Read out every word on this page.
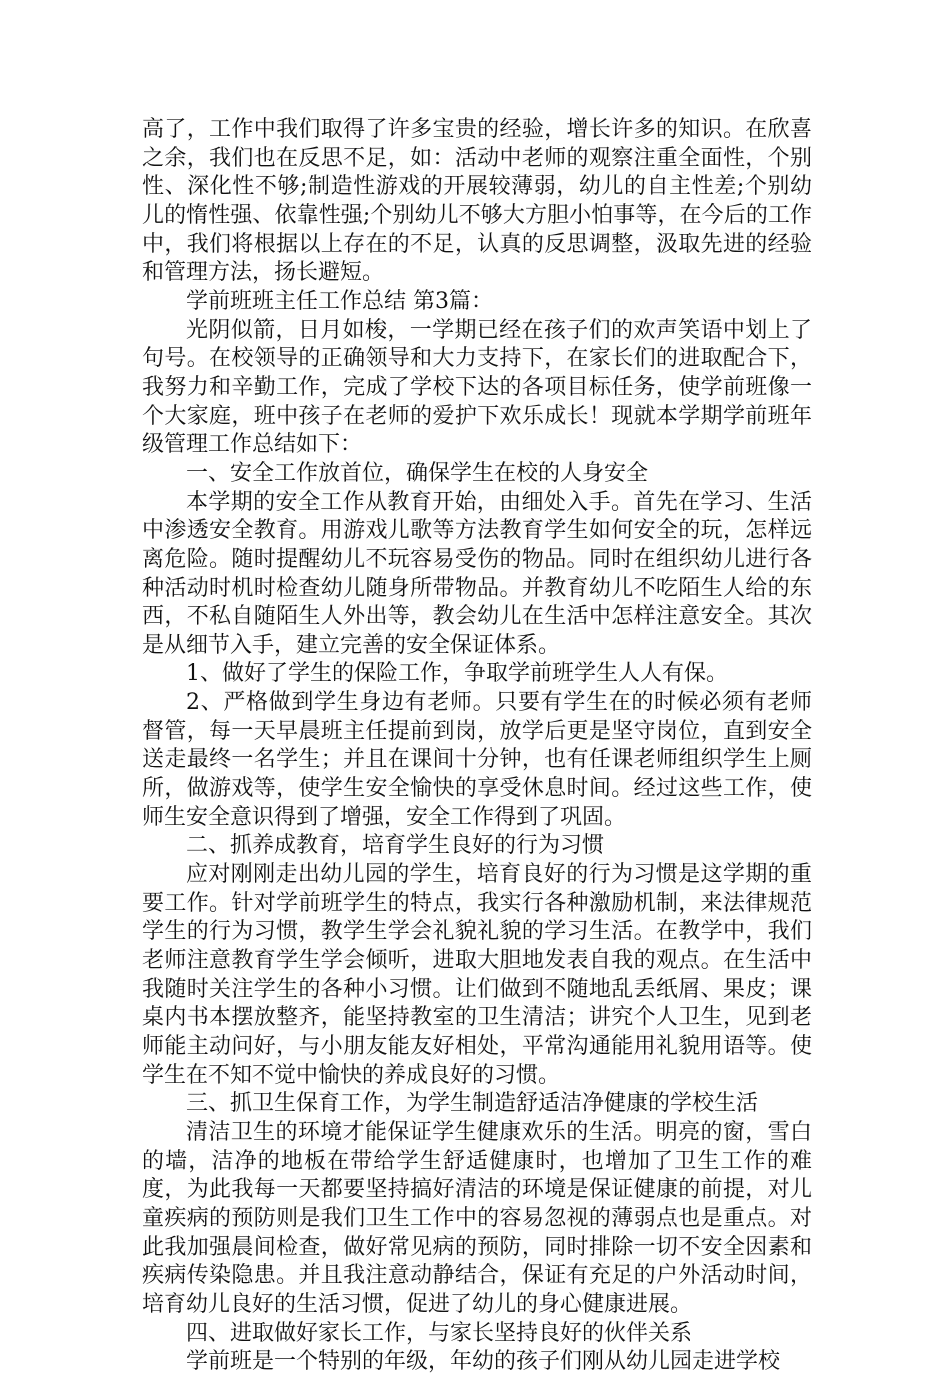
高了，工作中我们取得了许多宝贵的经验，增长许多的知识。在欣喜之余，我们也在反思不足，如：活动中老师的观察注重全面性，个别性、深化性不够;制造性游戏的开展较薄弱，幼儿的自主性差;个别幼儿的惰性强、依靠性强;个别幼儿不够大方胆小怕事等，在今后的工作中，我们将根据以上存在的不足，认真的反思调整，汲取先进的经验和管理方法，扬长避短。

学前班班主任工作总结 第3篇：

光阴似箭，日月如梭，一学期已经在孩子们的欢声笑语中划上了句号。在校领导的正确领导和大力支持下，在家长们的进取配合下，我努力和辛勤工作，完成了学校下达的各项目标任务，使学前班像一个大家庭，班中孩子在老师的爱护下欢乐成长！现就本学期学前班年级管理工作总结如下：

一、安全工作放首位，确保学生在校的人身安全

本学期的安全工作从教育开始，由细处入手。首先在学习、生活中渗透安全教育。用游戏儿歌等方法教育学生如何安全的玩，怎样远离危险。随时提醒幼儿不玩容易受伤的物品。同时在组织幼儿进行各种活动时机时检查幼儿随身所带物品。并教育幼儿不吃陌生人给的东西，不私自随陌生人外出等，教会幼儿在生活中怎样注意安全。其次是从细节入手，建立完善的安全保证体系。

1、做好了学生的保险工作，争取学前班学生人人有保。

2、严格做到学生身边有老师。只要有学生在的时候必须有老师督管，每一天早晨班主任提前到岗，放学后更是坚守岗位，直到安全送走最终一名学生；并且在课间十分钟，也有任课老师组织学生上厕所，做游戏等，使学生安全愉快的享受休息时间。经过这些工作，使师生安全意识得到了增强，安全工作得到了巩固。

二、抓养成教育，培育学生良好的行为习惯

应对刚刚走出幼儿园的学生，培育良好的行为习惯是这学期的重要工作。针对学前班学生的特点，我实行各种激励机制，来法律规范学生的行为习惯，教学生学会礼貌礼貌的学习生活。在教学中，我们老师注意教育学生学会倾听，进取大胆地发表自我的观点。在生活中我随时关注学生的各种小习惯。让们做到不随地乱丢纸屑、果皮；课桌内书本摆放整齐，能坚持教室的卫生清洁；讲究个人卫生，见到老师能主动问好，与小朋友能友好相处，平常沟通能用礼貌用语等。使学生在不知不觉中愉快的养成良好的习惯。

三、抓卫生保育工作，为学生制造舒适洁净健康的学校生活

清洁卫生的环境才能保证学生健康欢乐的生活。明亮的窗，雪白的墙，洁净的地板在带给学生舒适健康时，也增加了卫生工作的难度，为此我每一天都要坚持搞好清洁的环境是保证健康的前提，对儿童疾病的预防则是我们卫生工作中的容易忽视的薄弱点也是重点。对此我加强晨间检查，做好常见病的预防，同时排除一切不安全因素和疾病传染隐患。并且我注意动静结合，保证有充足的户外活动时间，培育幼儿良好的生活习惯，促进了幼儿的身心健康进展。

四、进取做好家长工作，与家长坚持良好的伙伴关系

学前班是一个特别的年级，年幼的孩子们刚从幼儿园走进学校
